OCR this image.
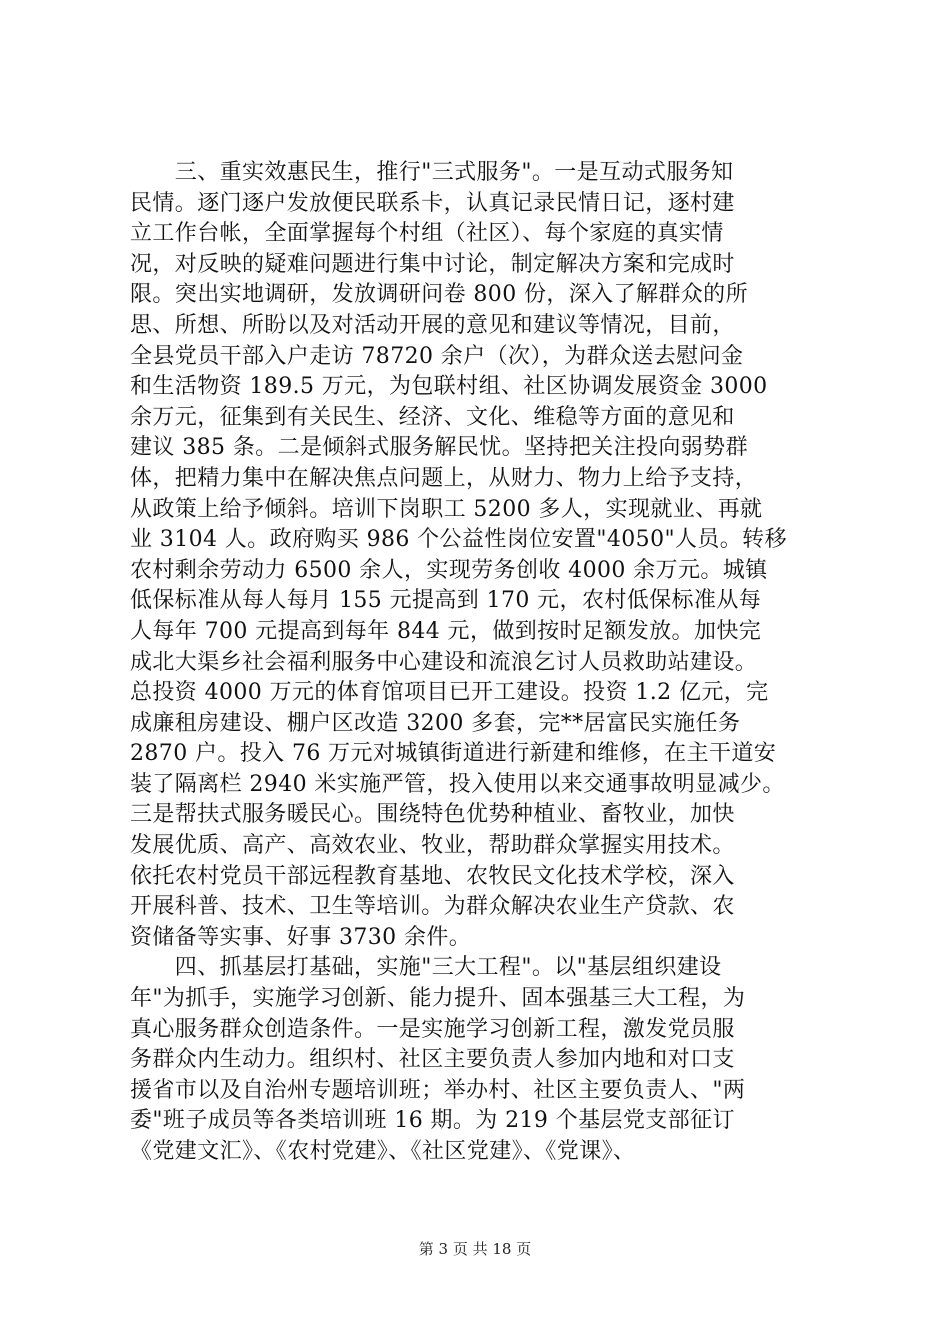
　　三、重实效惠民生，推行"三式服务"。一是互动式服务知
民情。逐门逐户发放便民联系卡，认真记录民情日记，逐村建
立工作台帐，全面掌握每个村组（社区）、每个家庭的真实情
况，对反映的疑难问题进行集中讨论，制定解决方案和完成时
限。突出实地调研，发放调研问卷 800 份，深入了解群众的所
思、所想、所盼以及对活动开展的意见和建议等情况，目前，
全县党员干部入户走访 78720 余户（次），为群众送去慰问金
和生活物资 189.5 万元，为包联村组、社区协调发展资金 3000
余万元，征集到有关民生、经济、文化、维稳等方面的意见和
建议 385 条。二是倾斜式服务解民忧。坚持把关注投向弱势群
体，把精力集中在解决焦点问题上，从财力、物力上给予支持，
从政策上给予倾斜。培训下岗职工 5200 多人，实现就业、再就
业 3104 人。政府购买 986 个公益性岗位安置"4050"人员。转移
农村剩余劳动力 6500 余人，实现劳务创收 4000 余万元。城镇
低保标准从每人每月 155 元提高到 170 元，农村低保标准从每
人每年 700 元提高到每年 844 元，做到按时足额发放。加快完
成北大渠乡社会福利服务中心建设和流浪乞讨人员救助站建设。
总投资 4000 万元的体育馆项目已开工建设。投资 1.2 亿元，完
成廉租房建设、棚户区改造 3200 多套，完**居富民实施任务
2870 户。投入 76 万元对城镇街道进行新建和维修，在主干道安
装了隔离栏 2940 米实施严管，投入使用以来交通事故明显减少。
三是帮扶式服务暖民心。围绕特色优势种植业、畜牧业，加快
发展优质、高产、高效农业、牧业，帮助群众掌握实用技术。
依托农村党员干部远程教育基地、农牧民文化技术学校，深入
开展科普、技术、卫生等培训。为群众解决农业生产贷款、农
资储备等实事、好事 3730 余件。
　　四、抓基层打基础，实施"三大工程"。以"基层组织建设
年"为抓手，实施学习创新、能力提升、固本强基三大工程，为
真心服务群众创造条件。一是实施学习创新工程，激发党员服
务群众内生动力。组织村、社区主要负责人参加内地和对口支
援省市以及自治州专题培训班；举办村、社区主要负责人、"两
委"班子成员等各类培训班 16 期。为 219 个基层党支部征订
《党建文汇》、《农村党建》、《社区党建》、《党课》、
第 3 页 共 18 页
